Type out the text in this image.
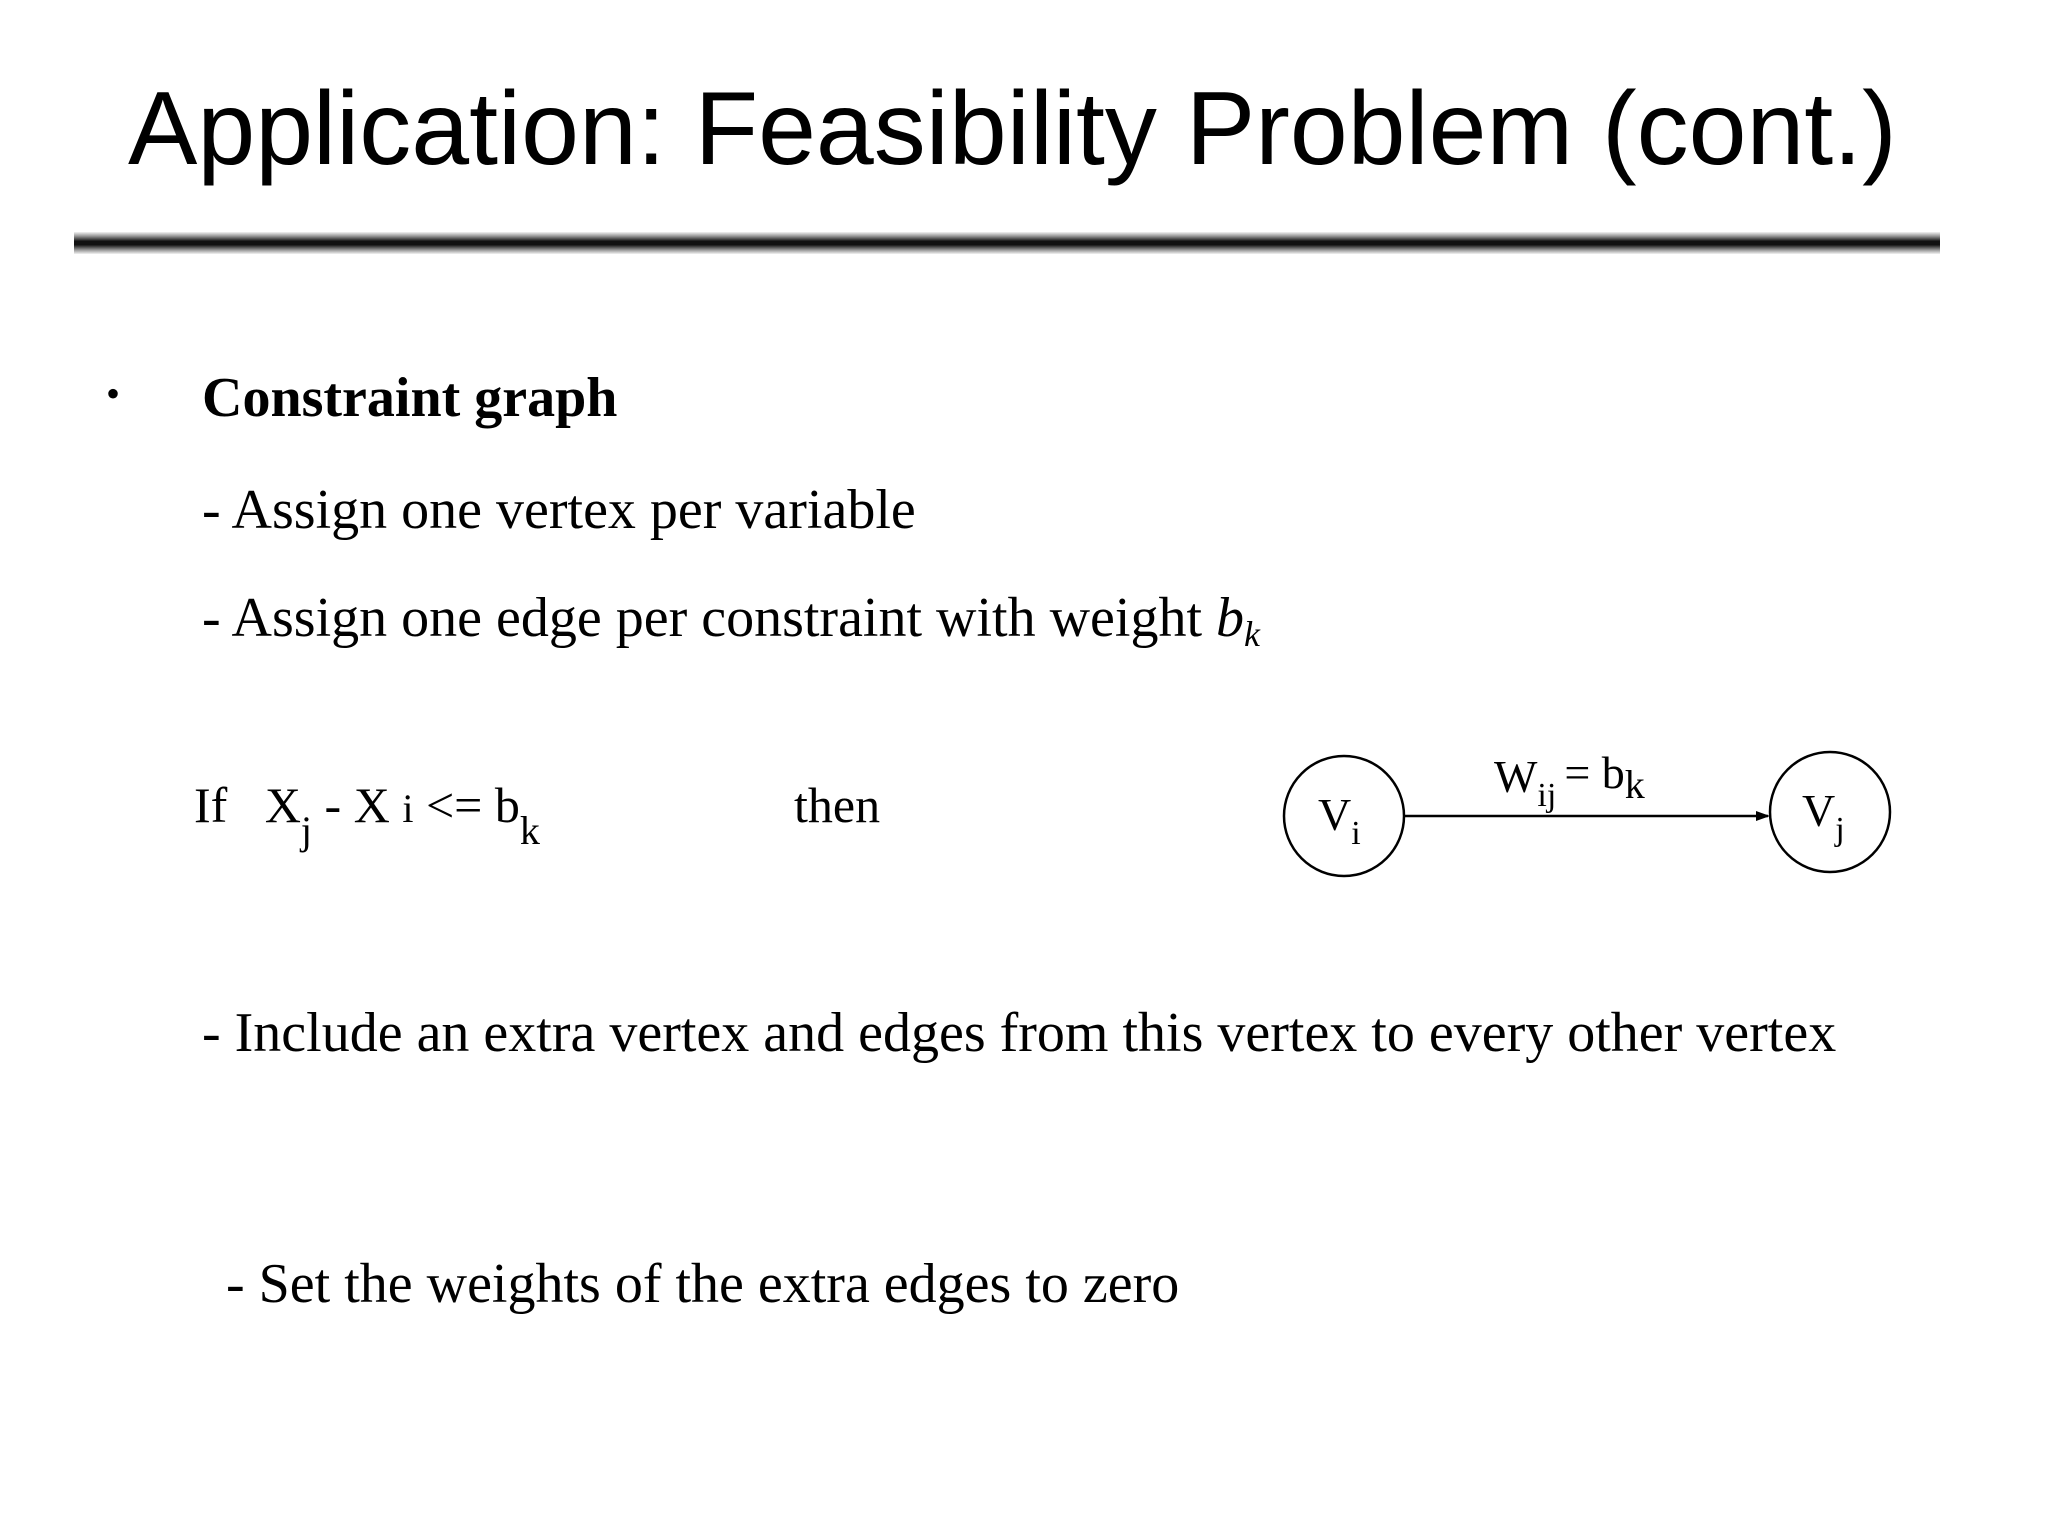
Application: Feasibility Problem (cont.)
• Constraint graph
- Assign one vertex per variable
- Assign one edge per constraint with weight $b_k$
If $X_j$ - X $i <= b_k$	then	$V_i$	$V_j$
$W_{ij}$ = bk
- Include an extra vertex and edges from this vertex to every other vertex
- Set the weights of the extra edges to zero
